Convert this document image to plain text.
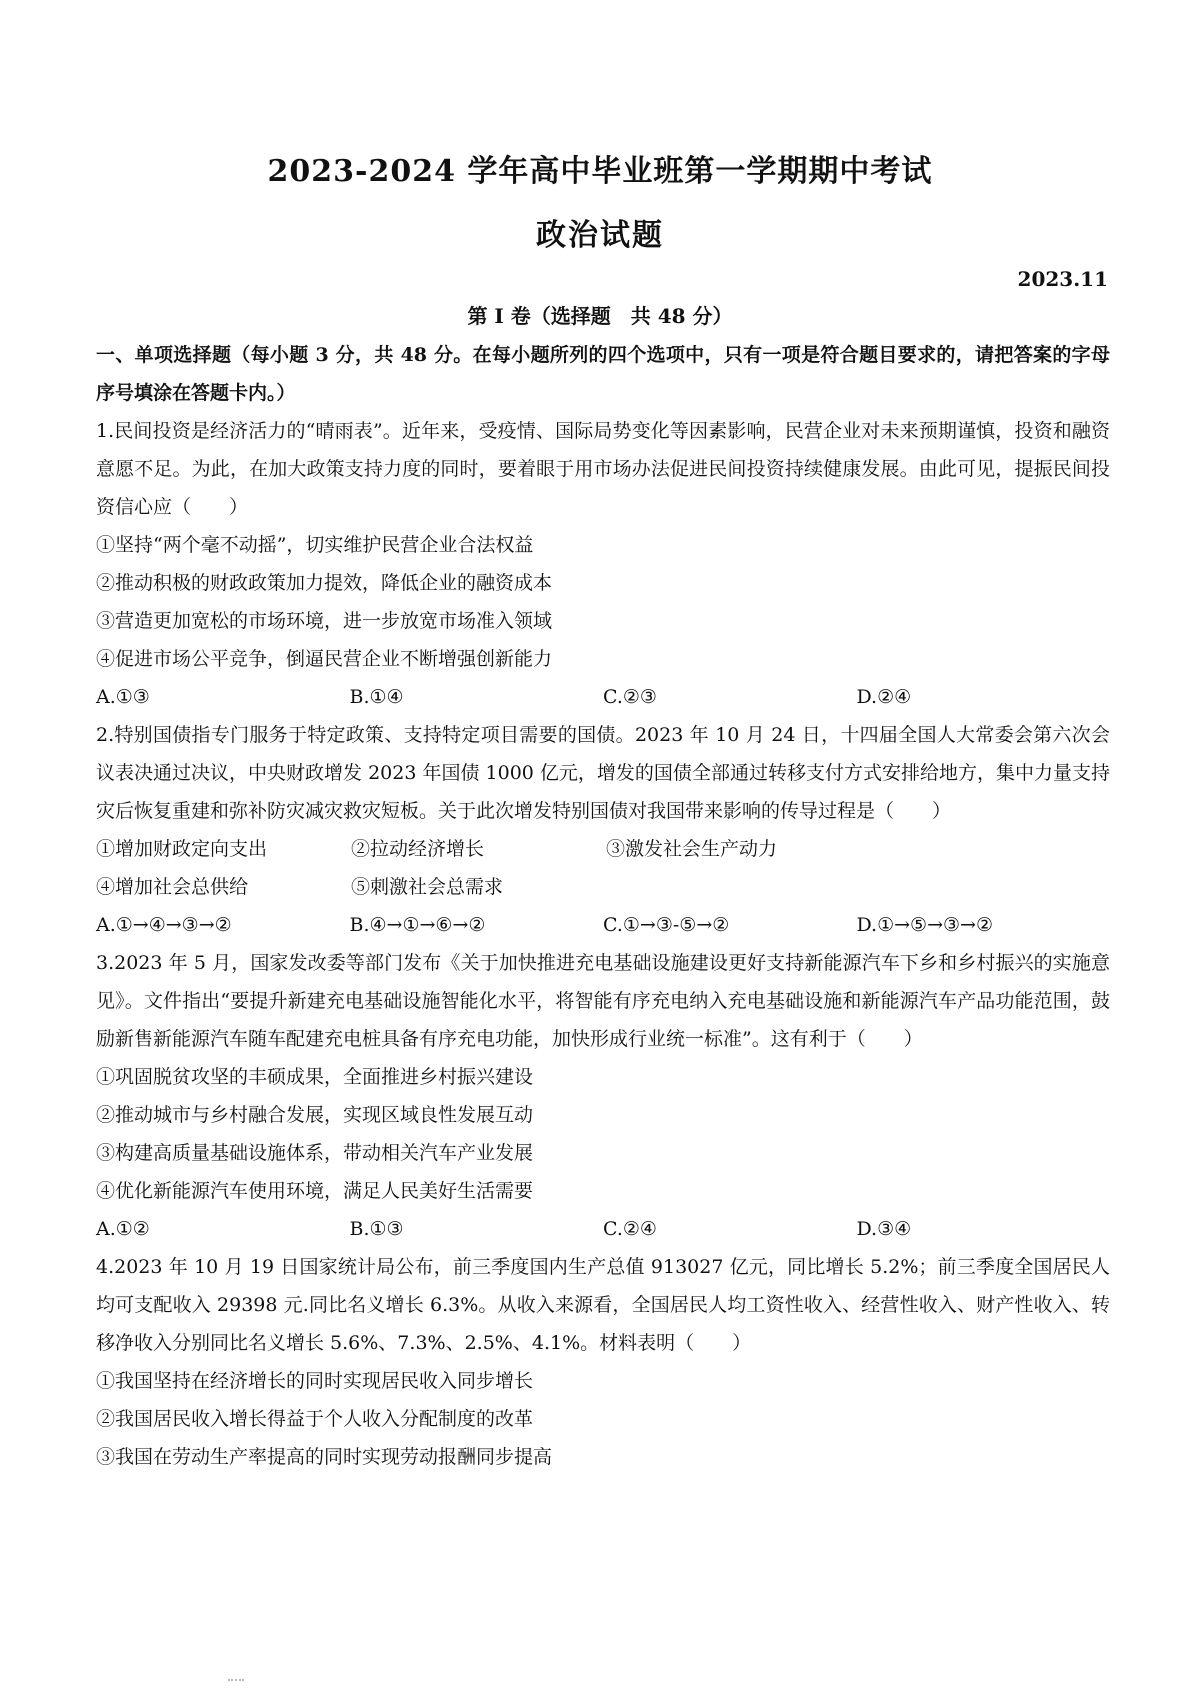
2023-2024 学年高中毕业班第一学期期中考试
政治试题
2023.11
第 I 卷（选择题　共 48 分）

一、单项选择题（每小题 3 分，共 48 分。在每小题所列的四个选项中，只有一项是符合题目要求的，请把答案的字母序号填涂在答题卡内。）

1.民间投资是经济活力的“晴雨表”。近年来，受疫情、国际局势变化等因素影响，民营企业对未来预期谨慎，投资和融资意愿不足。为此，在加大政策支持力度的同时，要着眼于用市场办法促进民间投资持续健康发展。由此可见，提振民间投资信心应（　　）

①坚持“两个毫不动摇”，切实维护民营企业合法权益

②推动积极的财政政策加力提效，降低企业的融资成本

③营造更加宽松的市场环境，进一步放宽市场准入领域

④促进市场公平竞争，倒逼民营企业不断增强创新能力

A.①③	B.①④	C.②③	D.②④

2.特别国债指专门服务于特定政策、支持特定项目需要的国债。2023 年 10 月 24 日，十四届全国人大常委会第六次会议表决通过决议，中央财政增发 2023 年国债 1000 亿元，增发的国债全部通过转移支付方式安排给地方，集中力量支持灾后恢复重建和弥补防灾减灾救灾短板。关于此次增发特别国债对我国带来影响的传导过程是（　　）

①增加财政定向支出	②拉动经济增长	③激发社会生产动力

④增加社会总供给	⑤刺激社会总需求

A.①→④→③→②	B.④→①→⑥→②	C.①→③-⑤→②	D.①→⑤→③→②

3.2023 年 5 月，国家发改委等部门发布《关于加快推进充电基础设施建设更好支持新能源汽车下乡和乡村振兴的实施意见》。文件指出“要提升新建充电基础设施智能化水平，将智能有序充电纳入充电基础设施和新能源汽车产品功能范围，鼓励新售新能源汽车随车配建充电桩具备有序充电功能，加快形成行业统一标准”。这有利于（　　）

①巩固脱贫攻坚的丰硕成果，全面推进乡村振兴建设

②推动城市与乡村融合发展，实现区域良性发展互动

③构建高质量基础设施体系，带动相关汽车产业发展

④优化新能源汽车使用环境，满足人民美好生活需要

A.①②	B.①③	C.②④	D.③④

4.2023 年 10 月 19 日国家统计局公布，前三季度国内生产总值 913027 亿元，同比增长 5.2%；前三季度全国居民人均可支配收入 29398 元.同比名义增长 6.3%。从收入来源看，全国居民人均工资性收入、经营性收入、财产性收入、转移净收入分别同比名义增长 5.6%、7.3%、2.5%、4.1%。材料表明（　　）

①我国坚持在经济增长的同时实现居民收入同步增长

②我国居民收入增长得益于个人收入分配制度的改革

③我国在劳动生产率提高的同时实现劳动报酬同步提高
